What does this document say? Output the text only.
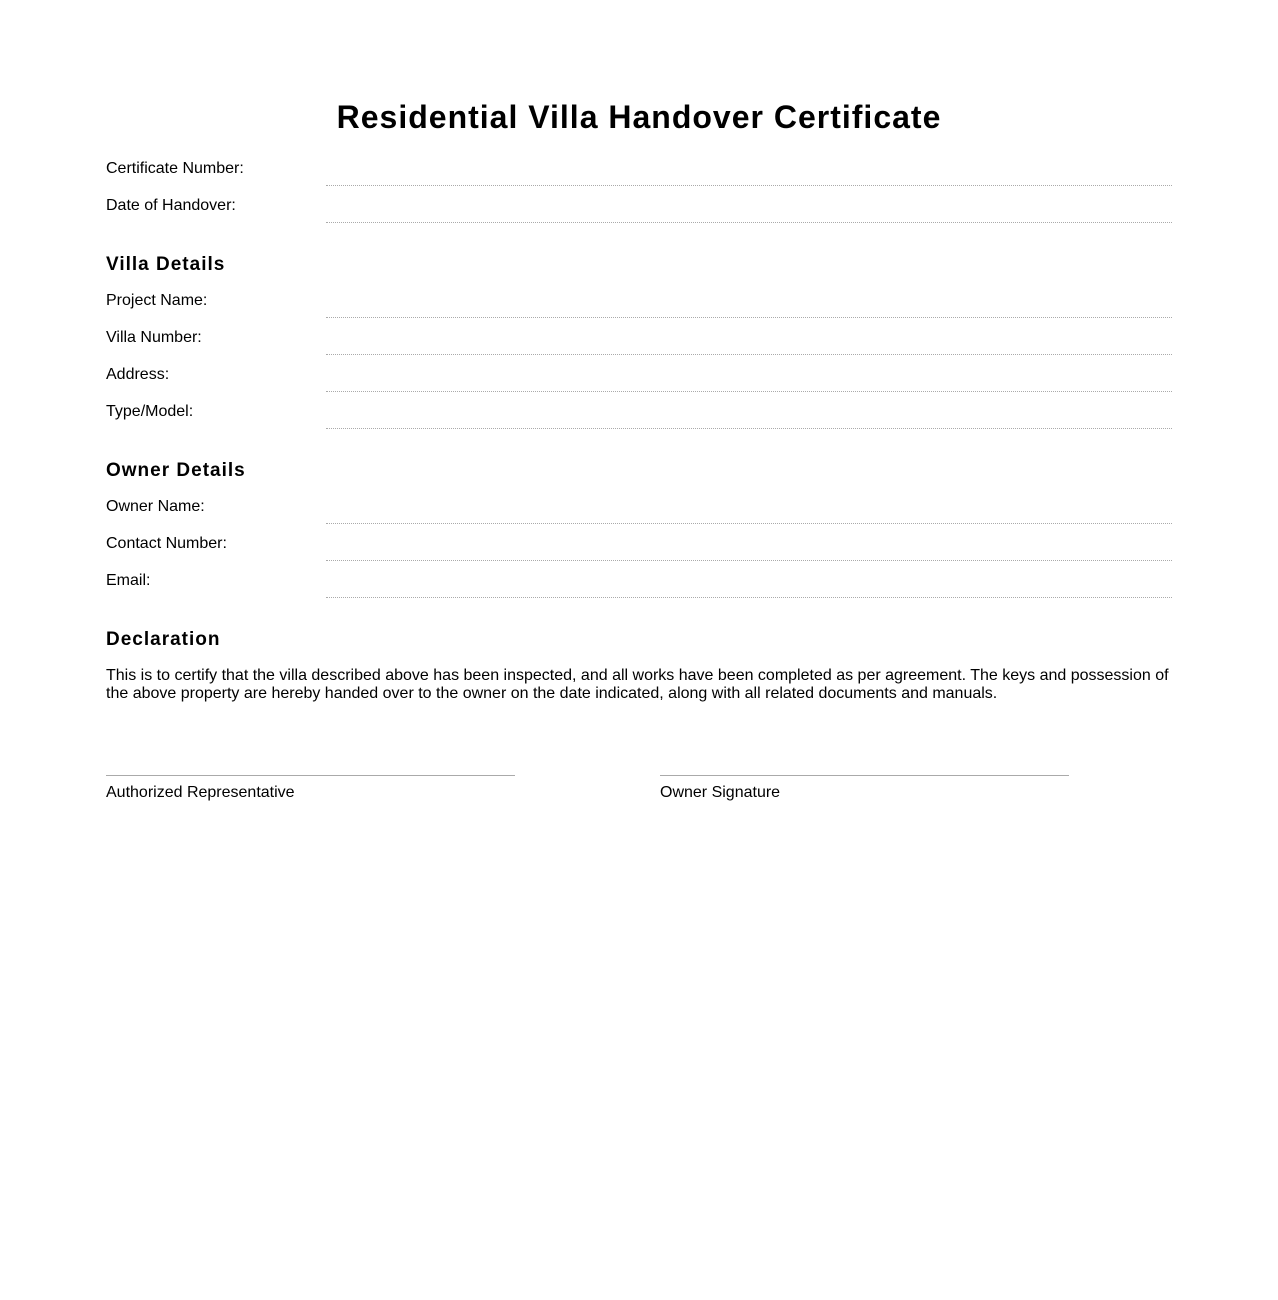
Residential Villa Handover Certificate
Certificate Number:
Date of Handover:
Villa Details
Project Name:
Villa Number:
Address:
Type/Model:
Owner Details
Owner Name:
Contact Number:
Email:
Declaration

This is to certify that the villa described above has been inspected, and all works have been completed as per agreement. The keys and possession of the above property are hereby handed over to the owner on the date indicated, along with all related documents and manuals.

Authorized Representative	Owner Signature
